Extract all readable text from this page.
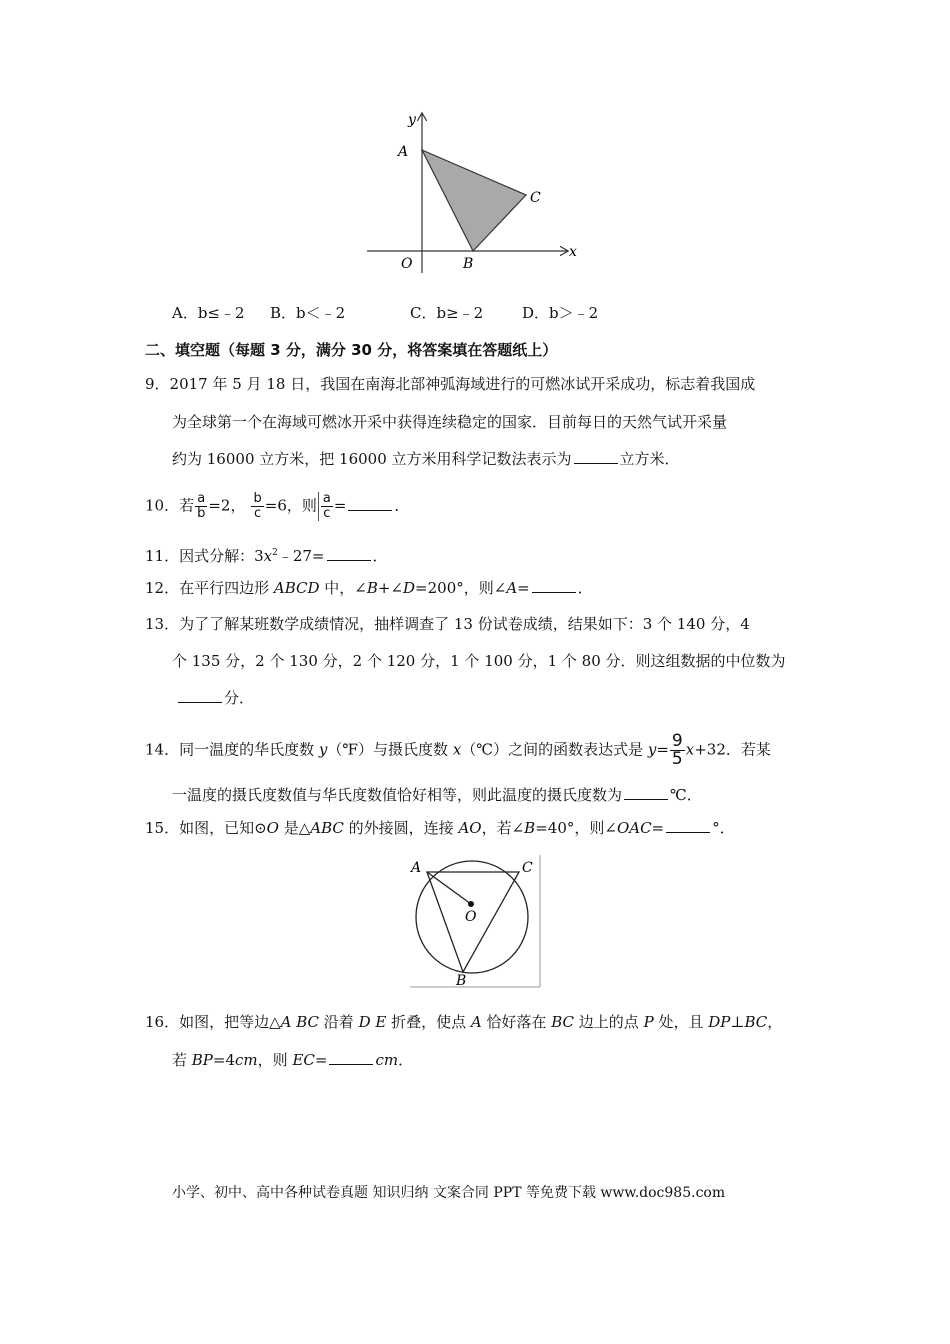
y
x
A
C
O	B
A．b≤﹣2 B．b＜﹣2	C．b≥﹣2	D．b＞﹣2
二、填空题（每题 3 分，满分 30 分，将答案填在答题纸上）
9．2017 年 5 月 18 日，我国在南海北部神弧海域进行的可燃冰试开采成功，标志着我国成
为全球第一个在海域可燃冰开采中获得连续稳定的国家．目前每日的天然气试开采量
约为 16000 立方米，把 16000 立方米用科学记数法表示为	立方米．
10．若 $\frac{a}{b} =2$， $\frac{b}{c} =6$，则 $\frac{a}{c}$ =	．
11．因式分解：$3x^2﹣27=$	．
12．在平行四边形 ABCD 中，∠B+∠D=200°，则∠A=	．
13．为了了解某班数学成绩情况，抽样调查了 13 份试卷成绩，结果如下：3 个 140 分，4
个 135 分，2 个 130 分，2 个 120 分，1 个 100 分，1 个 80 分．则这组数据的中位数为
分．
14．同一温度的华氏度数 y（℉）与摄氏度数 x（℃）之间的函数表达式是 $y= \frac{9}{5} x+32$．若某
一温度的摄氏度数值与华氏度数值恰好相等，则此温度的摄氏度数为	℃．
15．如图，已知⊙O 是△ABC 的外接圆，连接 AO，若∠B=40°，则∠OAC=	°．
A	C
O
B
16．如图，把等边△A BC 沿着 D E 折叠，使点 A 恰好落在 BC 边上的点 P 处，且 DP⊥BC，
若 BP=4cm，则 EC=	cm．
小学、初中、高中各种试卷真题 知识归纳 文案合同 PPT 等免费下载 www.doc985.com
